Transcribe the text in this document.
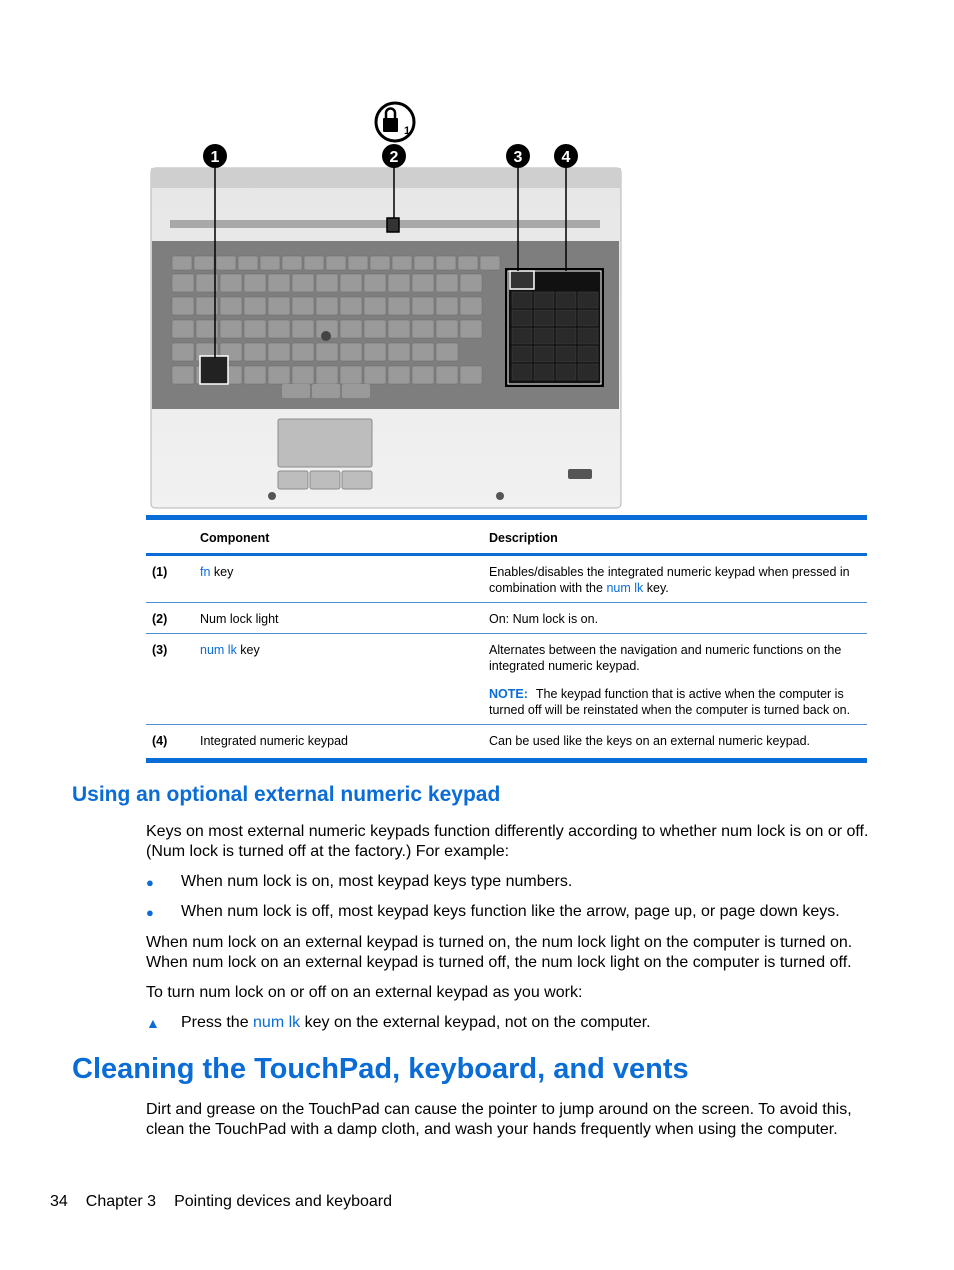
1
1	2	3 4
	Component	Description
(1)	fn key	Enables/disables the integrated numeric keypad when pressed in combination with the num lk key.
(2)	Num lock light	On: Num lock is on.
(3)	num lk key	Alternates between the navigation and numeric functions on the integrated numeric keypad.
NOTE: The keypad function that is active when the computer is turned off will be reinstated when the computer is turned back on.

(4)	Integrated numeric keypad	Can be used like the keys on an external numeric keypad.
Using an optional external numeric keypad

Keys on most external numeric keypads function differently according to whether num lock is on or off. (Num lock is turned off at the factory.) For example:

● When num lock is on, most keypad keys type numbers.
● When num lock is off, most keypad keys function like the arrow, page up, or page down keys.

When num lock on an external keypad is turned on, the num lock light on the computer is turned on. When num lock on an external keypad is turned off, the num lock light on the computer is turned off.

To turn num lock on or off on an external keypad as you work:

▲ Press the num lk key on the external keypad, not on the computer.
Cleaning the TouchPad, keyboard, and vents

Dirt and grease on the TouchPad can cause the pointer to jump around on the screen. To avoid this, clean the TouchPad with a damp cloth, and wash your hands frequently when using the computer.

34 Chapter 3 Pointing devices and keyboard
